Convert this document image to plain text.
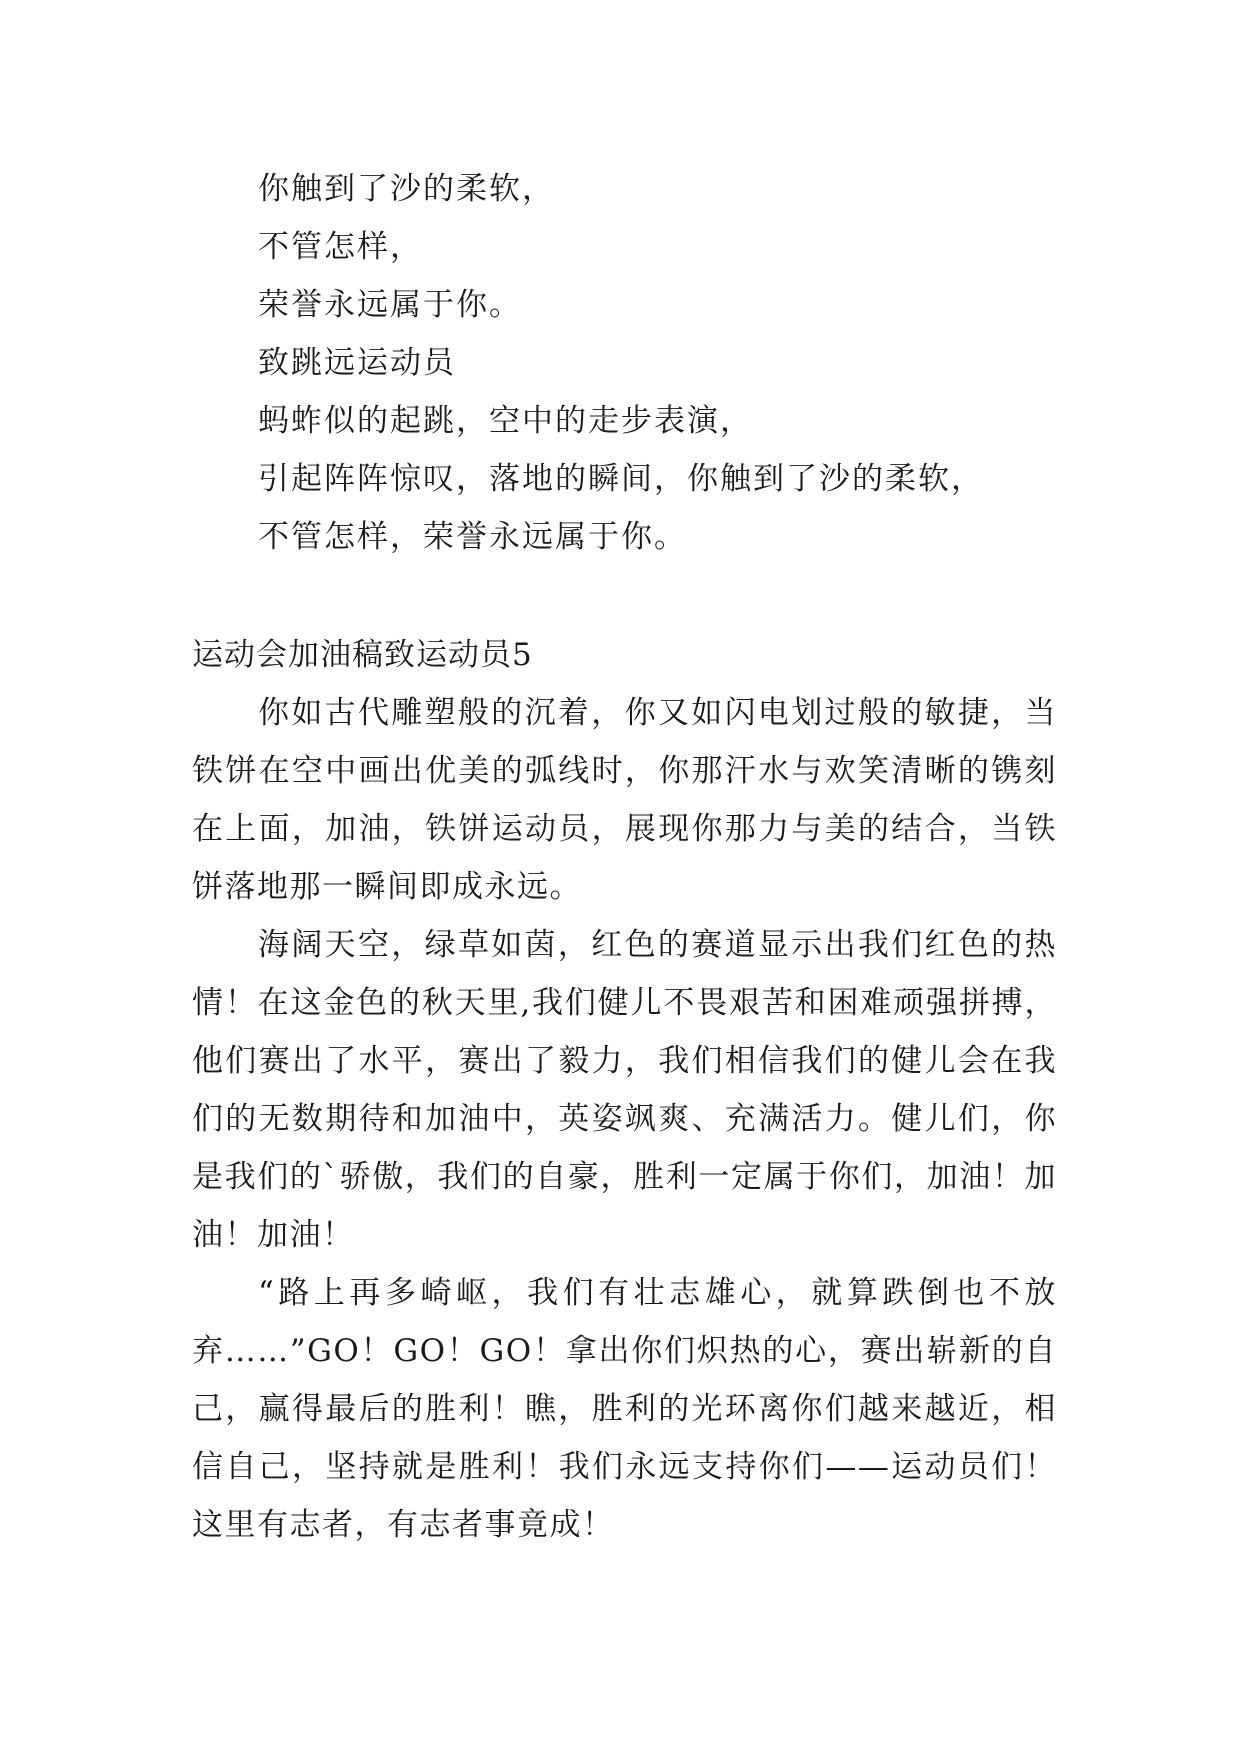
你触到了沙的柔软，
不管怎样，
荣誉永远属于你。
致跳远运动员
蚂蚱似的起跳，空中的走步表演，
引起阵阵惊叹，落地的瞬间，你触到了沙的柔软，
不管怎样，荣誉永远属于你。
运动会加油稿致运动员5

你如古代雕塑般的沉着，你又如闪电划过般的敏捷，当铁饼在空中画出优美的弧线时，你那汗水与欢笑清晰的镌刻在上面，加油，铁饼运动员，展现你那力与美的结合，当铁饼落地那一瞬间即成永远。

海阔天空，绿草如茵，红色的赛道显示出我们红色的热情！在这金色的秋天里,我们健儿不畏艰苦和困难顽强拼搏，他们赛出了水平，赛出了毅力，我们相信我们的健儿会在我们的无数期待和加油中，英姿飒爽、充满活力。健儿们，你是我们的`骄傲，我们的自豪，胜利一定属于你们，加油！加油！加油！

“路上再多崎岖，我们有壮志雄心，就算跌倒也不放弃……”GO！GO！GO！拿出你们炽热的心，赛出崭新的自己，赢得最后的胜利！瞧，胜利的光环离你们越来越近，相信自己，坚持就是胜利！我们永远支持你们——运动员们！这里有志者，有志者事竟成！
